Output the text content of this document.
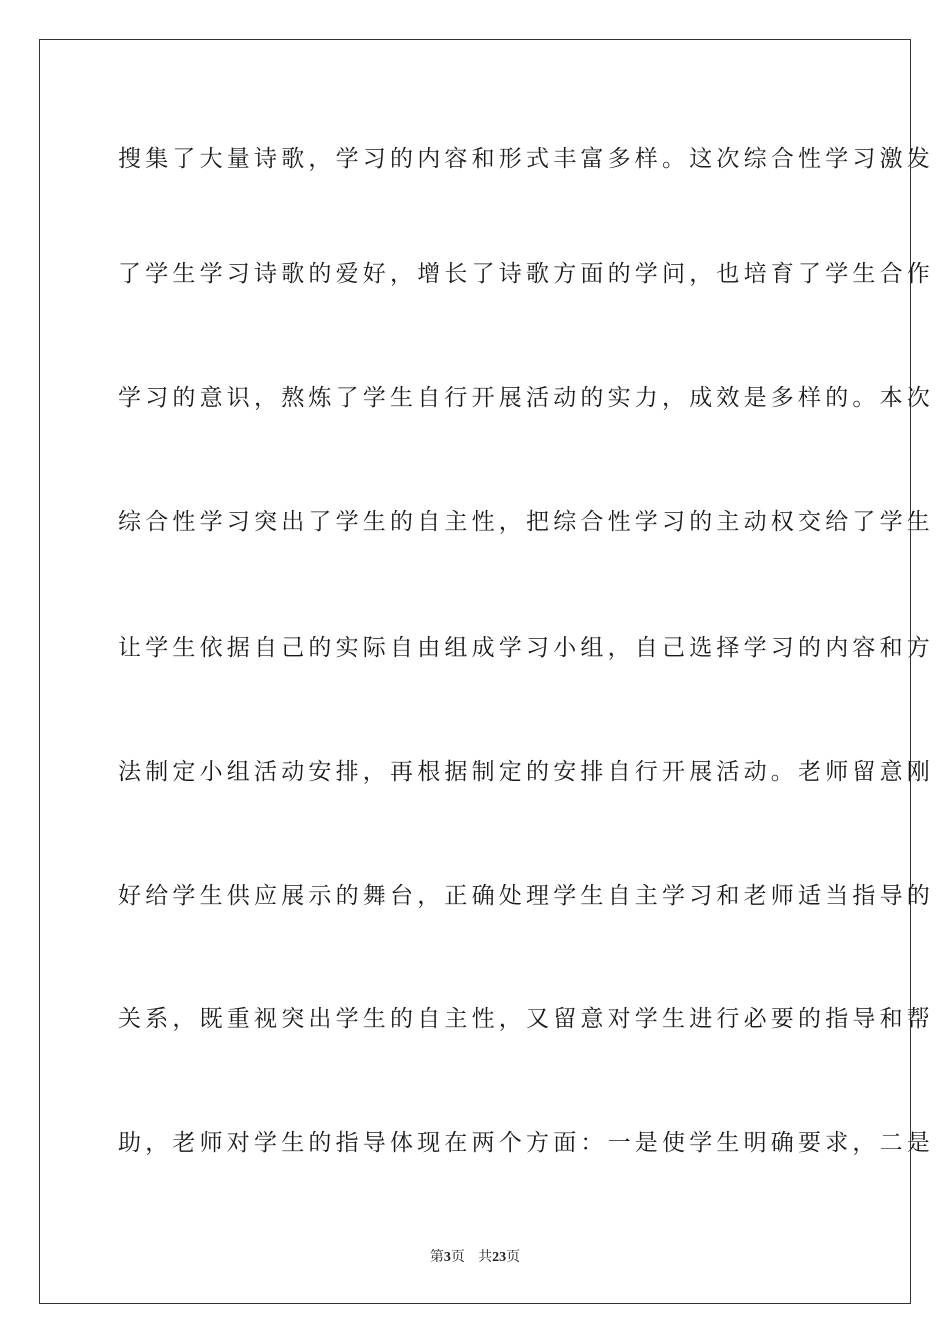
搜集了大量诗歌，学习的内容和形式丰富多样。这次综合性学习激发
了学生学习诗歌的爱好，增长了诗歌方面的学问，也培育了学生合作
学习的意识，熬炼了学生自行开展活动的实力，成效是多样的。本次
综合性学习突出了学生的自主性，把综合性学习的主动权交给了学生
让学生依据自己的实际自由组成学习小组，自己选择学习的内容和方
法制定小组活动安排，再根据制定的安排自行开展活动。老师留意刚
好给学生供应展示的舞台，正确处理学生自主学习和老师适当指导的
关系，既重视突出学生的自主性，又留意对学生进行必要的指导和帮
助，老师对学生的指导体现在两个方面：一是使学生明确要求，二是
第3页 共23页
